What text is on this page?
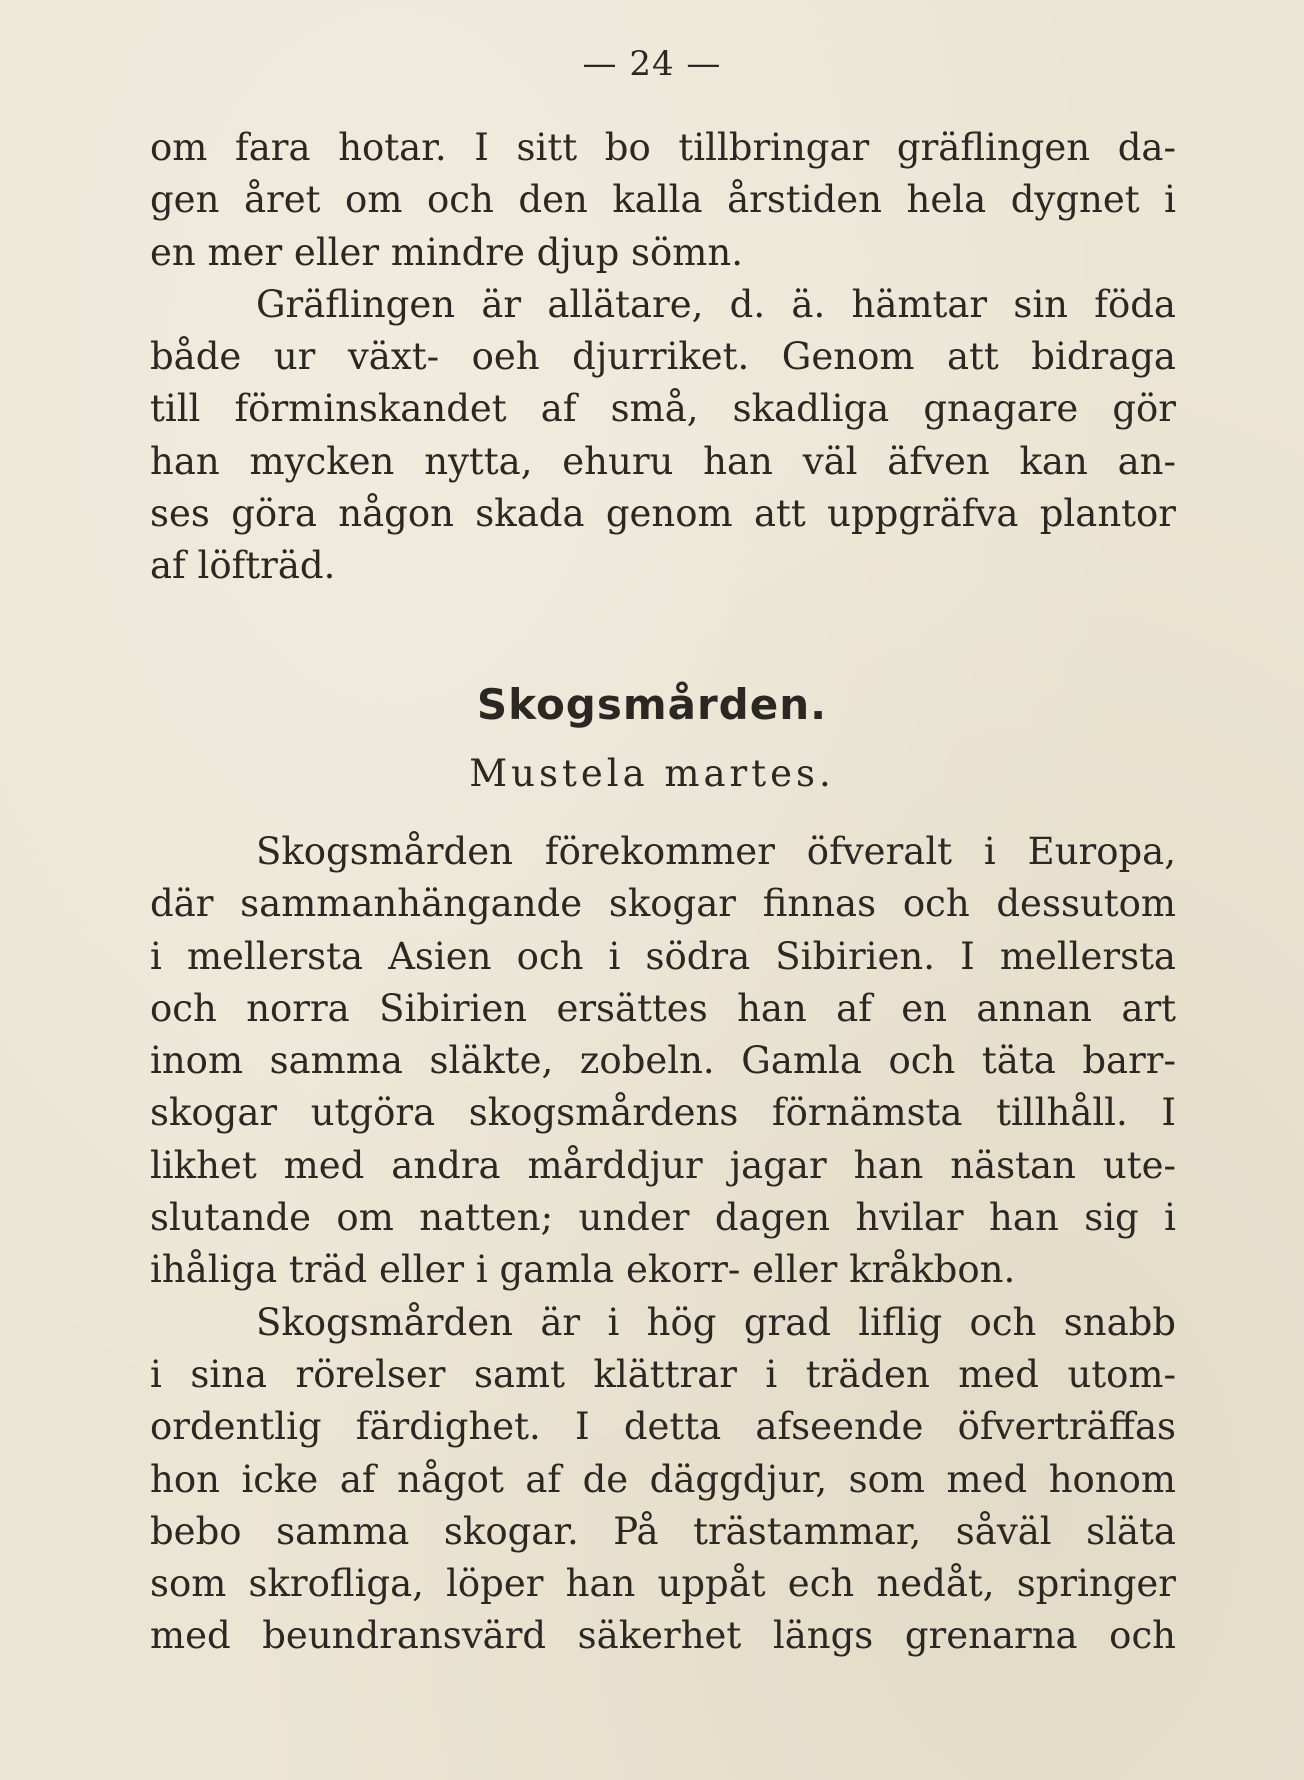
— 24 —
om fara hotar. I sitt bo tillbringar gräflingen da-
gen året om och den kalla årstiden hela dygnet i
en mer eller mindre djup sömn.
Gräflingen är allätare, d. ä. hämtar sin föda
både ur växt- oeh djurriket. Genom att bidraga
till förminskandet af små, skadliga gnagare gör
han mycken nytta, ehuru han väl äfven kan an-
ses göra någon skada genom att uppgräfva plantor
af löfträd.
Skogsmården.
Mustela martes.
Skogsmården förekommer öfveralt i Europa,
där sammanhängande skogar finnas och dessutom
i mellersta Asien och i södra Sibirien. I mellersta
och norra Sibirien ersättes han af en annan art
inom samma släkte, zobeln. Gamla och täta barr-
skogar utgöra skogsmårdens förnämsta tillhåll. I
likhet med andra mårddjur jagar han nästan ute-
slutande om natten; under dagen hvilar han sig i
ihåliga träd eller i gamla ekorr- eller kråkbon.
Skogsmården är i hög grad liflig och snabb
i sina rörelser samt klättrar i träden med utom-
ordentlig färdighet. I detta afseende öfverträffas
hon icke af något af de däggdjur, som med honom
bebo samma skogar. På trästammar, såväl släta
som skrofliga, löper han uppåt ech nedåt, springer
med beundransvärd säkerhet längs grenarna och
